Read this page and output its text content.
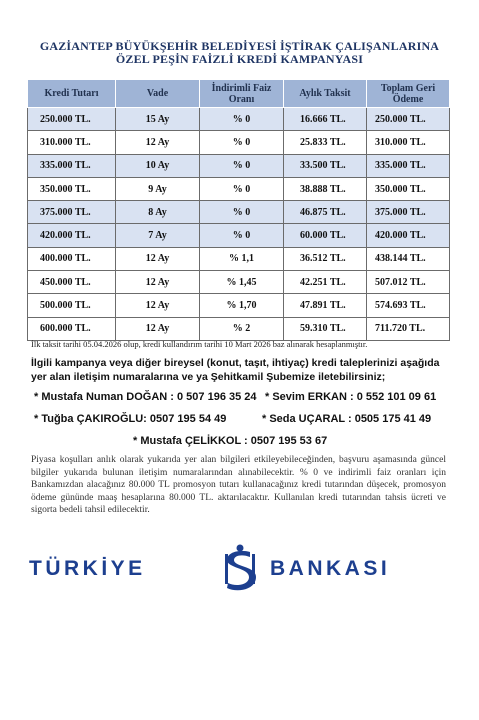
GAZİANTEP BÜYÜKŞEHİR BELEDİYESİ İŞTİRAK ÇALIŞANLARINA
ÖZEL PEŞİN FAİZLİ KREDİ KAMPANYASI
Kredi Tutarı	Vade	İndirimli Faiz Oranı	Aylık Taksit	Toplam Geri Ödeme
250.000 TL.	15 Ay	% 0	16.666 TL.	250.000 TL.
310.000 TL.	12 Ay	% 0	25.833 TL.	310.000 TL.
335.000 TL.	10 Ay	% 0	33.500 TL.	335.000 TL.
350.000 TL.	9 Ay	% 0	38.888 TL.	350.000 TL.
375.000 TL.	8 Ay	% 0	46.875 TL.	375.000 TL.
420.000 TL.	7 Ay	% 0	60.000 TL.	420.000 TL.
400.000 TL.	12 Ay	% 1,1	36.512 TL.	438.144 TL.
450.000 TL.	12 Ay	% 1,45	42.251 TL.	507.012 TL.
500.000 TL.	12 Ay	% 1,70	47.891 TL.	574.693 TL.
600.000 TL.	12 Ay	% 2	59.310 TL.	711.720 TL.
İlk taksit tarihi 05.04.2026 olup, kredi kullandırım tarihi 10 Mart 2026 baz alınarak hesaplanmıştır.
İlgili kampanya veya diğer bireysel (konut, taşıt, ihtiyaç) kredi taleplerinizi aşağıda yer alan iletişim numaralarına ve ya Şehitkamil Şubemize iletebilirsiniz;
* Mustafa Numan DOĞAN : 0 507 196 35 24 * Sevim ERKAN : 0 552 101 09 61
* Tuğba ÇAKIROĞLU: 0507 195 54 49	* Seda UÇARAL : 0505 175 41 49
* Mustafa ÇELİKKOL : 0507 195 53 67
Piyasa koşulları anlık olarak yukarıda yer alan bilgileri etkileyebileceğinden, başvuru aşamasında güncel bilgiler yukarıda bulunan iletişim numaralarından alınabilecektir. % 0 ve indirimli faiz oranları için Bankamızdan alacağınız 80.000 TL promosyon tutarı kullanacağınız kredi tutarından düşecek, promosyon ödeme gününde maaş hesaplarına 80.000 TL. aktarılacaktır. Kullanılan kredi tutarından tahsis ücreti ve sigorta bedeli tahsil edilecektir.
TÜRKİYE	BANKASI
